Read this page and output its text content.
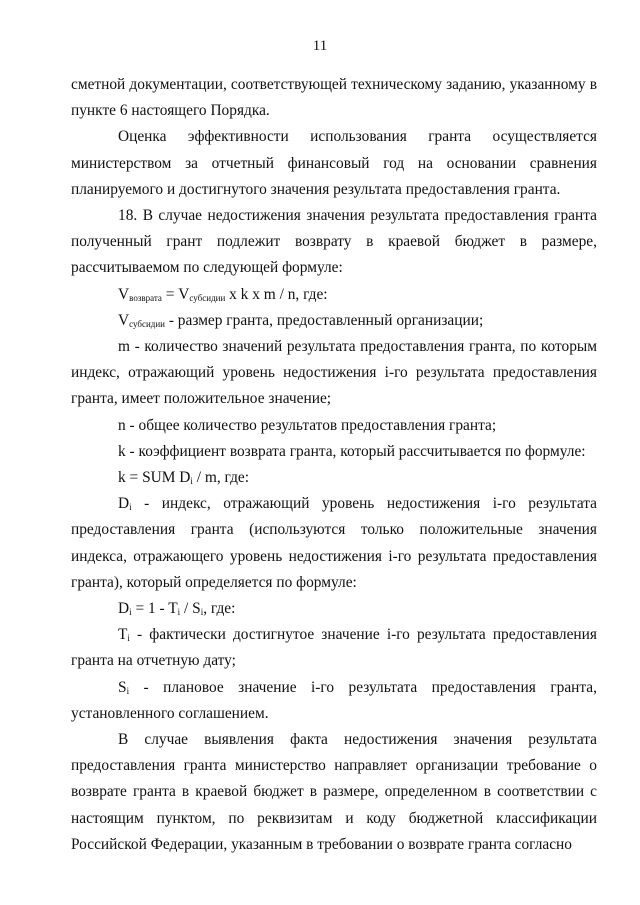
11

сметной документации, соответствующей техническому заданию, указанному в пункте 6 настоящего Порядка.

Оценка эффективности использования гранта осуществляется министерством за отчетный финансовый год на основании сравнения планируемого и достигнутого значения результата предоставления гранта.

18. В случае недостижения значения результата предоставления гранта полученный грант подлежит возврату в краевой бюджет в размере, рассчитываемом по следующей формуле:

$V_{возврата} = V_{субсидии}$ x k x m / n, где:

$V_{субсидии}$ - размер гранта, предоставленный организации;

m - количество значений результата предоставления гранта, по которым индекс, отражающий уровень недостижения i-го результата предоставления гранта, имеет положительное значение;

n - общее количество результатов предоставления гранта;

k - коэффициент возврата гранта, который рассчитывается по формуле:

k = SUM $D_i$ / m, где:

$D_i$ - индекс, отражающий уровень недостижения i-го результата предоставления гранта (используются только положительные значения индекса, отражающего уровень недостижения i-го результата предоставления гранта), который определяется по формуле:

$D_i = 1 - T_i / S_i$, где:

$T_i$ - фактически достигнутое значение i-го результата предоставления гранта на отчетную дату;

$S_i$ - плановое значение i-го результата предоставления гранта, установленного соглашением.

В случае выявления факта недостижения значения результата предоставления гранта министерство направляет организации требование о возврате гранта в краевой бюджет в размере, определенном в соответствии с настоящим пунктом, по реквизитам и коду бюджетной классификации Российской Федерации, указанным в требовании о возврате гранта согласно
